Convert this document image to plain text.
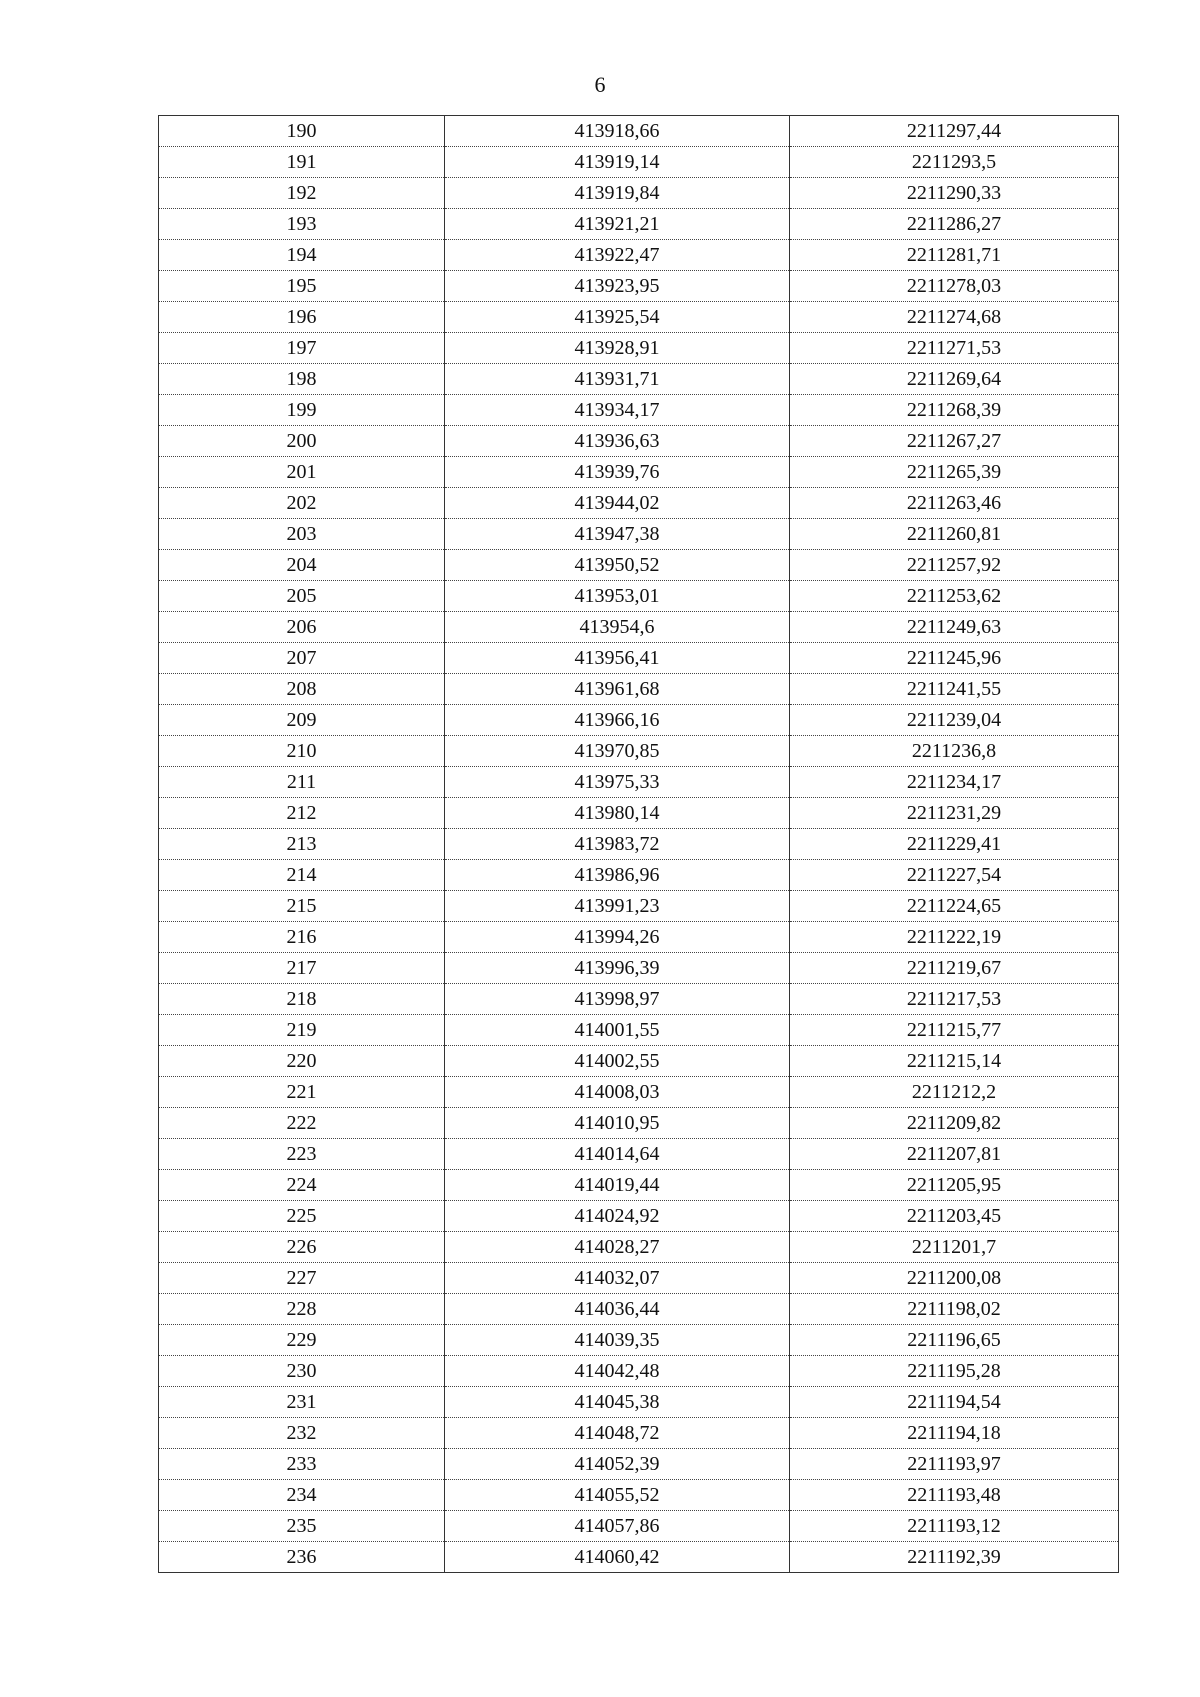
6
190	413918,66	2211297,44
191	413919,14	2211293,5
192	413919,84	2211290,33
193	413921,21	2211286,27
194	413922,47	2211281,71
195	413923,95	2211278,03
196	413925,54	2211274,68
197	413928,91	2211271,53
198	413931,71	2211269,64
199	413934,17	2211268,39
200	413936,63	2211267,27
201	413939,76	2211265,39
202	413944,02	2211263,46
203	413947,38	2211260,81
204	413950,52	2211257,92
205	413953,01	2211253,62
206	413954,6	2211249,63
207	413956,41	2211245,96
208	413961,68	2211241,55
209	413966,16	2211239,04
210	413970,85	2211236,8
211	413975,33	2211234,17
212	413980,14	2211231,29
213	413983,72	2211229,41
214	413986,96	2211227,54
215	413991,23	2211224,65
216	413994,26	2211222,19
217	413996,39	2211219,67
218	413998,97	2211217,53
219	414001,55	2211215,77
220	414002,55	2211215,14
221	414008,03	2211212,2
222	414010,95	2211209,82
223	414014,64	2211207,81
224	414019,44	2211205,95
225	414024,92	2211203,45
226	414028,27	2211201,7
227	414032,07	2211200,08
228	414036,44	2211198,02
229	414039,35	2211196,65
230	414042,48	2211195,28
231	414045,38	2211194,54
232	414048,72	2211194,18
233	414052,39	2211193,97
234	414055,52	2211193,48
235	414057,86	2211193,12
236	414060,42	2211192,39
